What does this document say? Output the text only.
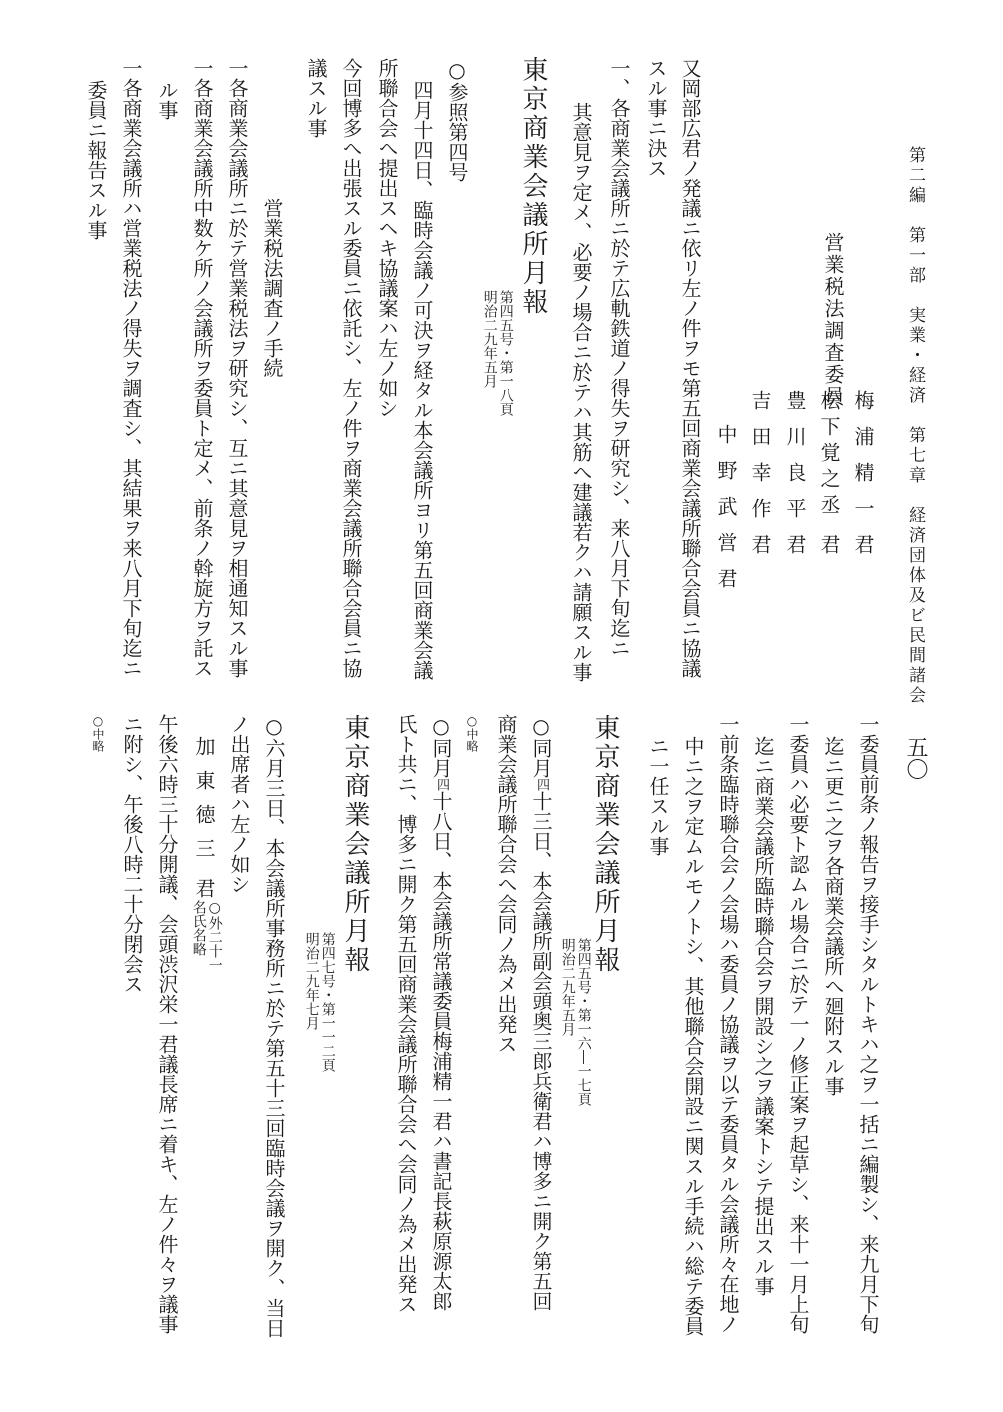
第二編　第一部　実業・経済　第七章　経済団体及ビ民間諸会
五〇
営業税法調査委員
梅浦精一君
松下覚之丞君
豊川良平君
吉田幸作君
中野武営君
又岡部広君ノ発議ニ依リ左ノ件ヲモ第五回商業会議所聯合会員ニ協議
スル事ニ決ス
一、各商業会議所ニ於テ広軌鉄道ノ得失ヲ研究シ、来八月下旬迄ニ
其意見ヲ定メ、必要ノ場合ニ於テハ其筋へ建議若クハ請願スル事
東京商業会議所月報
第四五号・第一八頁
明治二九年五月
○参照第四号
四月十四日、臨時会議ノ可決ヲ経タル本会議所ヨリ第五回商業会議
所聯合会へ提出スヘキ協議案ハ左ノ如シ
今回博多へ出張スル委員ニ依託シ、左ノ件ヲ商業会議所聯合会員ニ協
議スル事
営業税法調査ノ手続
一各商業会議所ニ於テ営業税法ヲ研究シ、互ニ其意見ヲ相通知スル事
一各商業会議所中数ケ所ノ会議所ヲ委員ト定メ、前条ノ斡旋方ヲ託ス
ル事
一各商業会議所ハ営業税法ノ得失ヲ調査シ、其結果ヲ来八月下旬迄ニ
委員ニ報告スル事
一委員前条ノ報告ヲ接手シタルトキハ之ヲ一括ニ編製シ、来九月下旬
迄ニ更ニ之ヲ各商業会議所へ廻附スル事
一委員ハ必要ト認ムル場合ニ於テ一ノ修正案ヲ起草シ、来十一月上旬
迄ニ商業会議所臨時聯合会ヲ開設シ之ヲ議案トシテ提出スル事
一前条臨時聯合会ノ会場ハ委員ノ協議ヲ以テ委員タル会議所々在地ノ
中ニ之ヲ定ムルモノトシ、其他聯合会開設ニ関スル手続ハ総テ委員
ニ一任スル事
東京商業会議所月報
第四五号・第一六―一七頁
明治二九年五月
○同月四十三日、本会議所副会頭奥三郎兵衛君ハ博多ニ開ク第五回
商業会議所聯合会へ会同ノ為メ出発ス
○中略
○同月四十八日、本会議所常議委員梅浦精一君ハ書記長萩原源太郎
氏ト共ニ、博多ニ開ク第五回商業会議所聯合会へ会同ノ為メ出発ス
東京商業会議所月報
第四七号・第一一二頁
明治二九年七月
○六月三日、本会議所事務所ニ於テ第五十三回臨時会議ヲ開ク、当日
ノ出席者ハ左ノ如シ
加東徳三
君
○外二十一
名氏名略
午後六時三十分開議、会頭渋沢栄一君議長席ニ着キ、左ノ件々ヲ議事
ニ附シ、午後八時二十分閉会ス
○中略
